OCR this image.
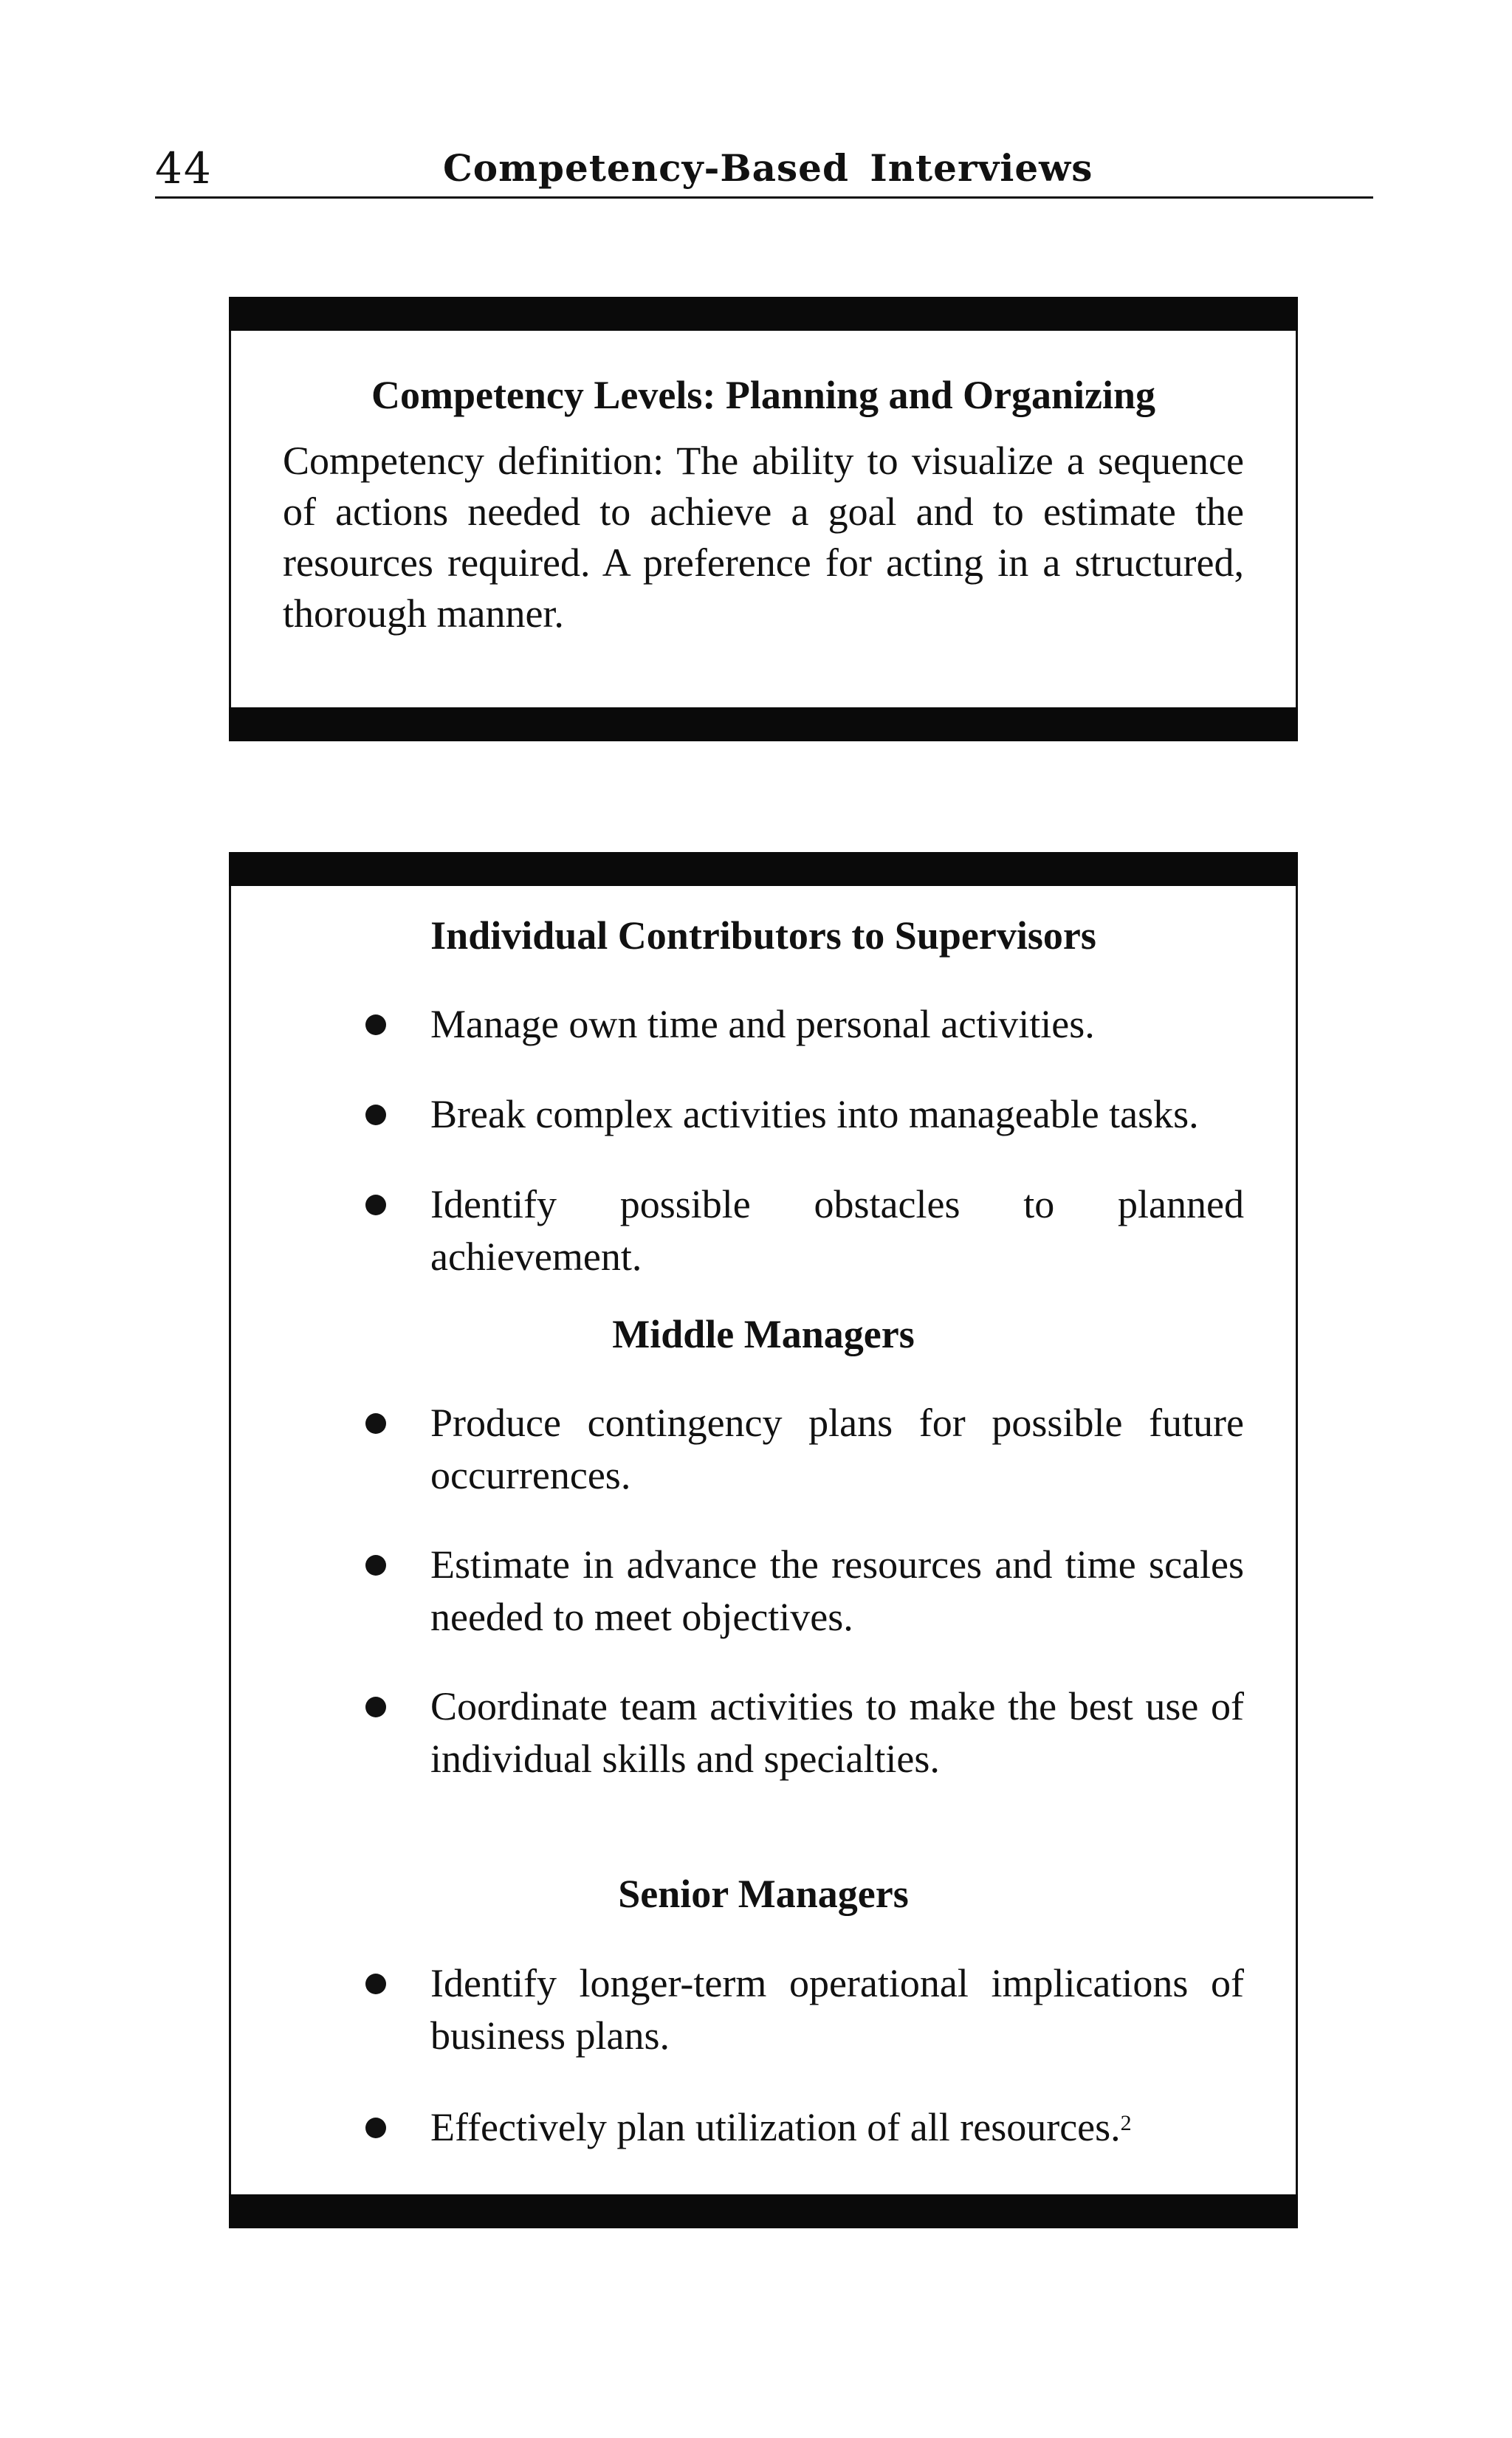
44	Competency-Based Interviews
Competency Levels: Planning and Organizing
Competency definition: The ability to visualize a sequence of actions needed to achieve a goal and to estimate the resources required. A preference for acting in a structured, thorough manner.
Individual Contributors to Supervisors
Manage own time and personal activities.
Break complex activities into manageable tasks.
Identify possible obstacles to planned achievement.
Middle Managers
Produce contingency plans for possible future occurrences.
Estimate in advance the resources and time scales needed to meet objectives.
Coordinate team activities to make the best use of individual skills and specialties.
Senior Managers
Identify longer-term operational implications of business plans.
Effectively plan utilization of all resources.$^2$
